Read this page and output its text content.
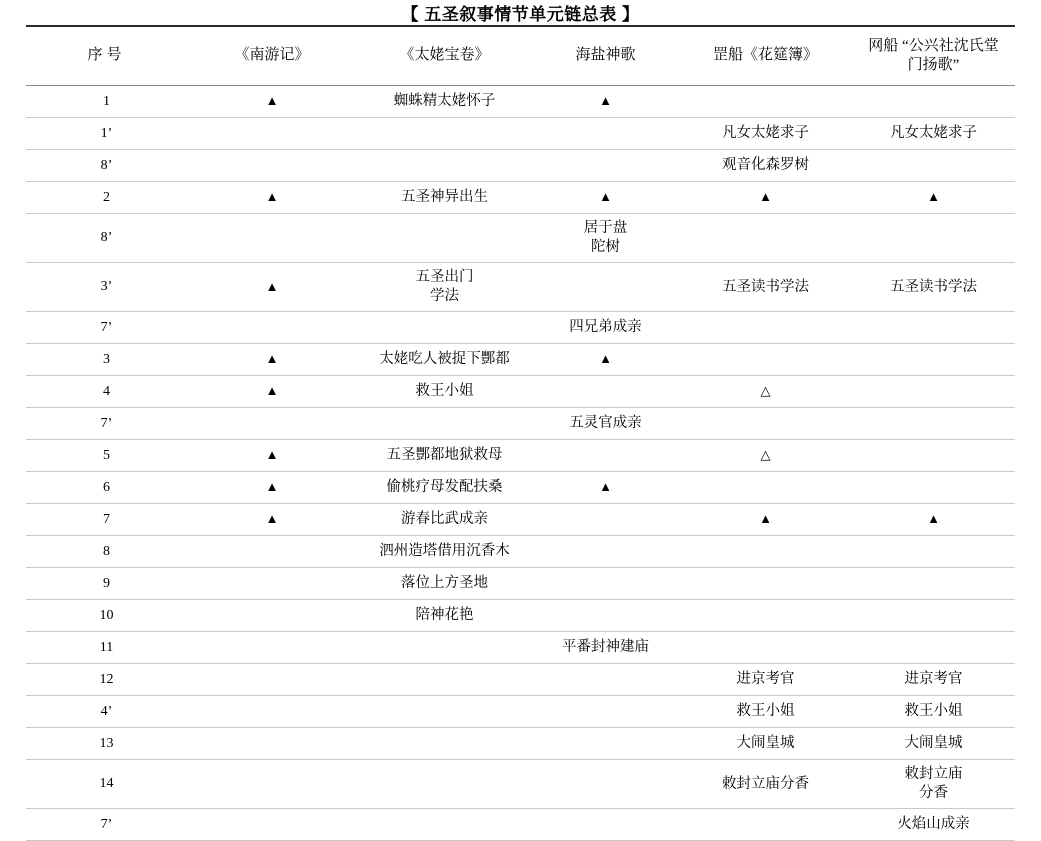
【 五圣叙事情节单元链总表 】
序号	《南游记》	《太姥宝卷》	海盐神歌	罡船《花筵簿》	网船 “公兴社沈氏堂
门扬歌”

1	▲	蜘蛛精太姥怀子	▲		
1’				凡女太姥求子	凡女太姥求子
8’				观音化森罗树	
2	▲	五圣神异出生	▲	▲	▲
8’			居于盘
陀树		

3’	▲	五圣出门
学法		五圣读书学法	五圣读书学法
7’			四兄弟成亲		
3	▲	太姥吃人被捉下酆都	▲		
4	▲	救王小姐		△	
7’			五灵官成亲		
5	▲	五圣酆都地狱救母		△	
6	▲	偷桃疗母发配扶桑	▲		
7	▲	游春比武成亲		▲	▲
8		泗州造塔借用沉香木			
9		落位上方圣地			
10		陪神花艳			
11			平番封神建庙		
12				进京考官	进京考官
4’				救王小姐	救王小姐
13				大闹皇城	大闹皇城
14				敕封立庙分香	敕封立庙
分香

7’					火焰山成亲
